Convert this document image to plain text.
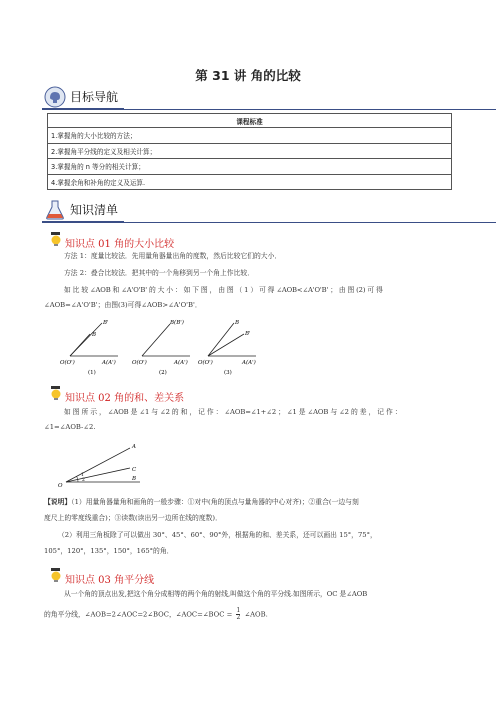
第 31 讲 角的比较
目标导航
课程标准
1.掌握角的大小比较的方法；
2.掌握角平分线的定义及相关计算；
3.掌握角的 n 等分的相关计算；
4.掌握余角和补角的定义及运算.
知识清单
知识点 01 角的大小比较
方法 1：度量比较法．先用量角器量出角的度数，然后比较它们的大小．
方法 2：叠合比较法．把其中的一个角移到另一个角上作比较．
如 比 较 ∠AOB 和 ∠A'O'B' 的 大 小 ： 如 下 图 ， 由 图 （ 1 ） 可 得 ∠AOB<∠A'O'B' ； 由 图 (2) 可 得
∠AOB=∠A'O'B'；由图(3)可得∠AOB>∠A'O'B'．
O(O')	A(A')
B
B'
(1)
O(O')	A(A')
B(B')
(2)
O(O')	A(A')
B
B'
(3)
知识点 02 角的和、差关系
如 图 所 示 ， ∠AOB 是 ∠1 与 ∠2 的 和 ， 记 作 ： ∠AOB=∠1+∠2 ； ∠1 是 ∠AOB 与 ∠2 的 差 ， 记 作 ：
∠1=∠AOB-∠2.
O
A
C
B
1
2
【说明】（1）用量角器量角和画角的一般步骤：①对中(角的顶点与量角器的中心对齐)；②重合(一边与刻
度尺上的零度线重合)；③读数(读出另一边所在线的度数)．
（2）利用三角板除了可以做出 30°、45°、60°、90°外，根据角的和、差关系，还可以画出 15°，75°，
105°，120°，135°，150°，165°的角．
知识点 03 角平分线
从一个角的顶点出发,把这个角分成相等的两个角的射线,叫做这个角的平分线.如图所示，OC 是∠AOB
的角平分线，∠AOB=2∠AOC=2∠BOC，∠AOC=∠BOC = $\frac{1}{2}$ ∠AOB.
